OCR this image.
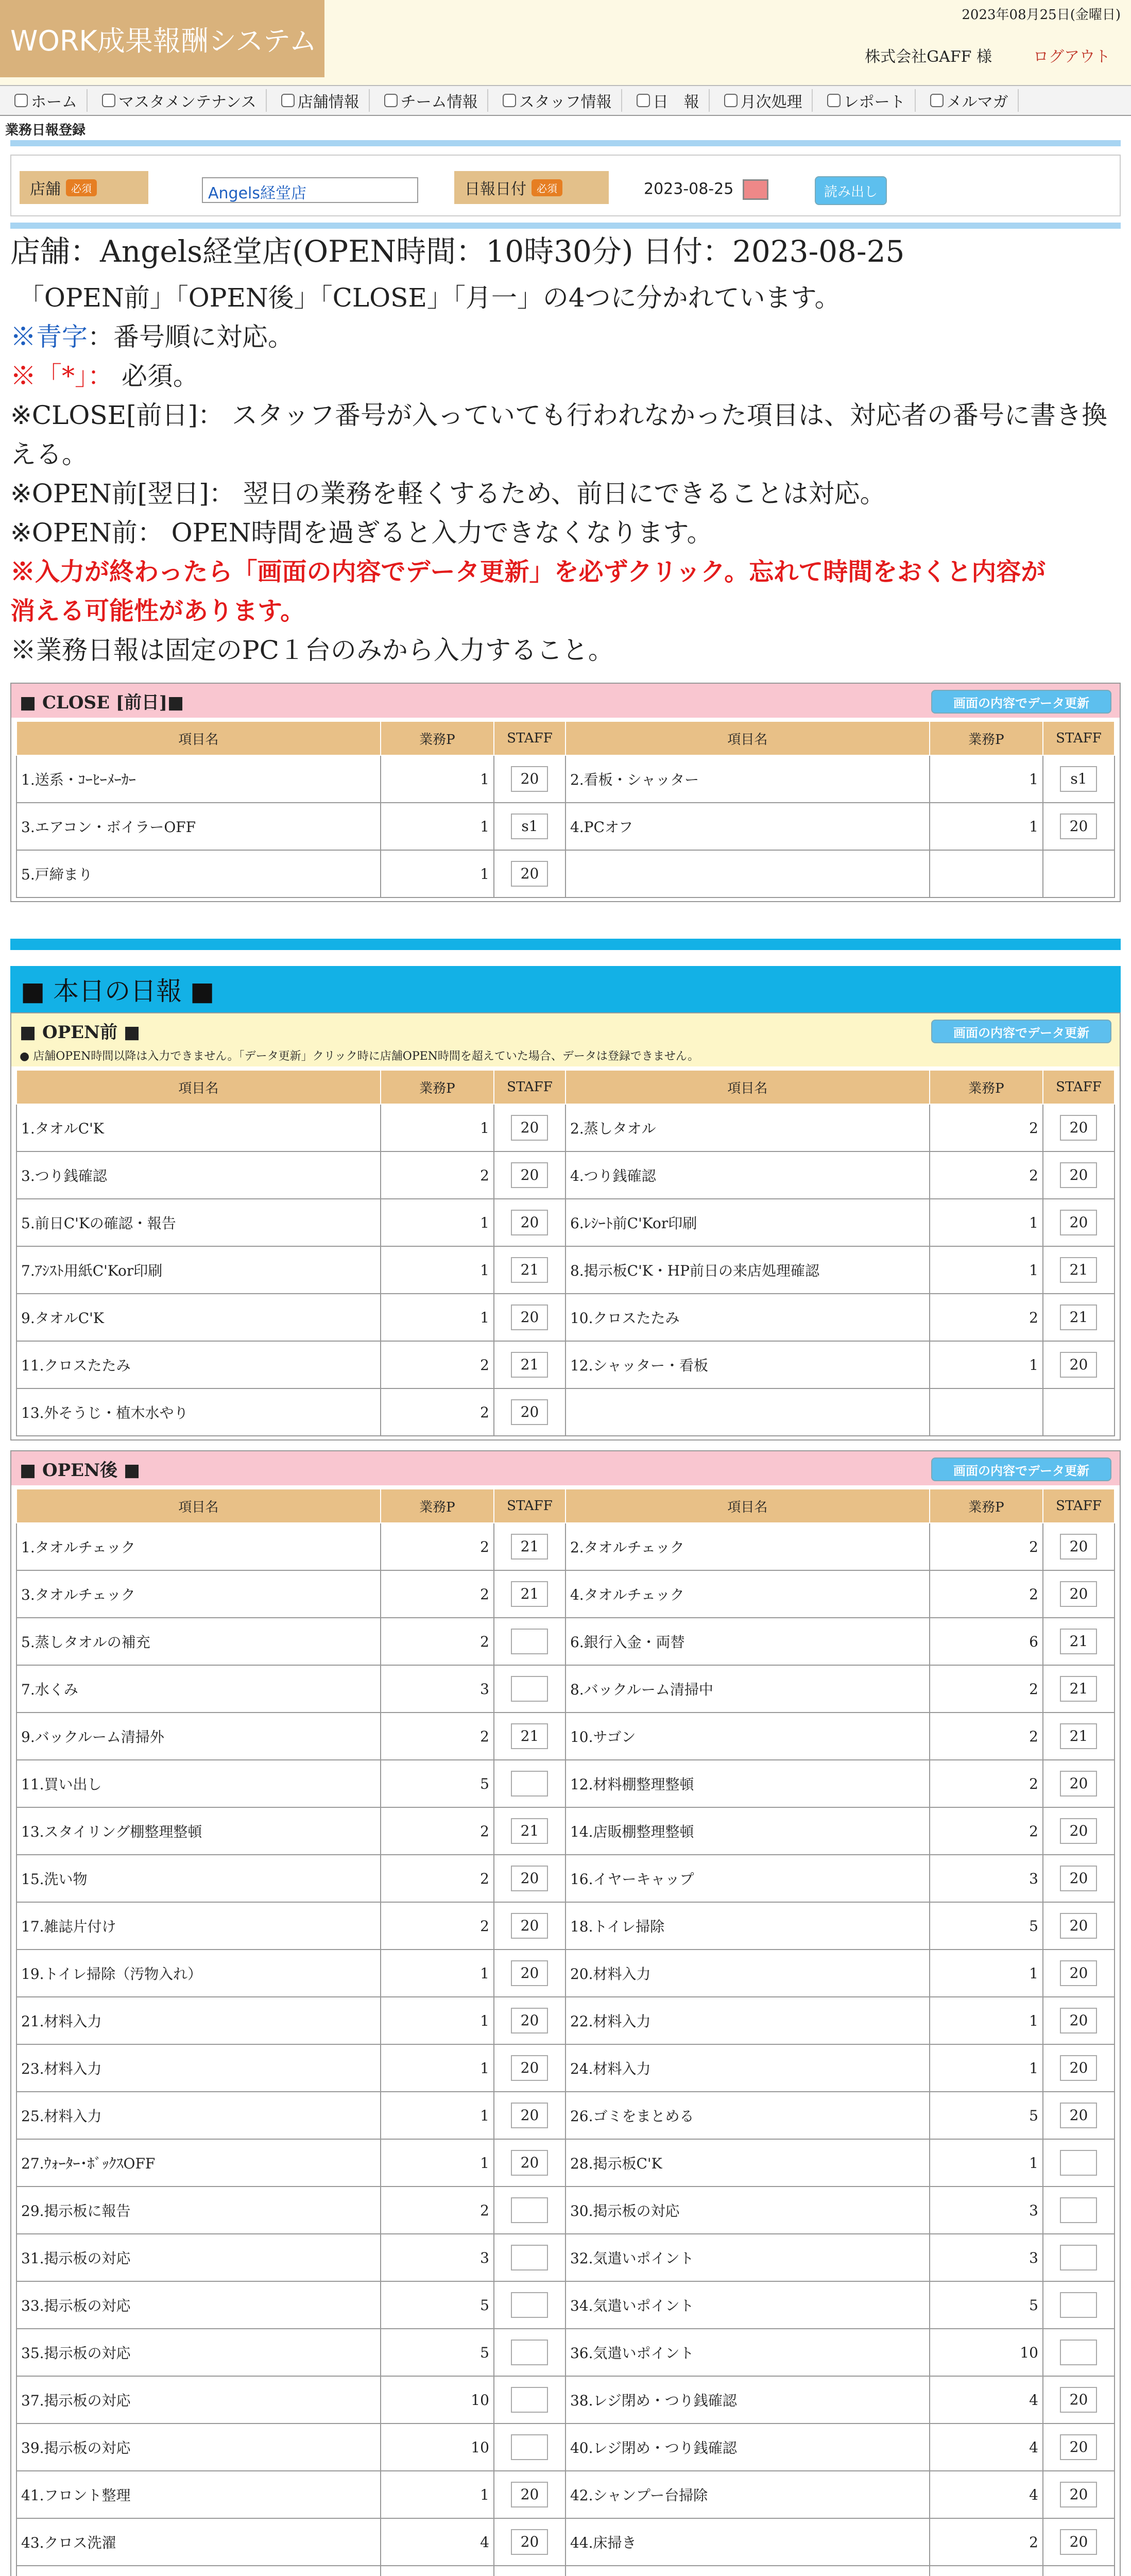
WORK成果報酬システム
2023年08月25日(金曜日)
株式会社GAFF 様	ログアウト
ホーム	マスタメンテナンス	店舗情報	チーム情報	スタッフ情報	日　報	月次処理	レポート	メルマガ
業務日報登録
店舗	必須	Angels経堂店	日報日付	必須	2023-08-25	読み出し
店舗：Angels経堂店(OPEN時間：10時30分) 日付：2023-08-25
「OPEN前」「OPEN後」「CLOSE」「月一」の4つに分かれています。
※青字：番号順に対応。
※「*」： 必須。
※CLOSE[前日]： スタッフ番号が入っていても行われなかった項目は、対応者の番号に書き換
える。
※OPEN前[翌日]： 翌日の業務を軽くするため、前日にできることは対応。
※OPEN前： OPEN時間を過ぎると入力できなくなります。
※入力が終わったら「画面の内容でデータ更新」を必ずクリック。忘れて時間をおくと内容が
消える可能性があります。
※業務日報は固定のPC１台のみから入力すること。
■ CLOSE [前日]■	画面の内容でデータ更新
項目名	業務P	STAFF	項目名	業務P	STAFF
1.送系・ｺｰﾋｰﾒｰｶｰ	1	20	2.看板・シャッター	1	s1

3.エアコン・ボイラーOFF	1	s1	4.PCオフ	1	20

5.戸締まり	1	20			

■ 本日の日報 ■
■ OPEN前 ■	画面の内容でデータ更新
● 店舗OPEN時間以降は入力できません。「データ更新」クリック時に店舗OPEN時間を超えていた場合、データは登録できません。
項目名	業務P	STAFF	項目名	業務P	STAFF
1.タオルC'K	1	20	2.蒸しタオル	2	20

3.つり銭確認	2	20	4.つり銭確認	2	20

5.前日C'Kの確認・報告	1	20	6.ﾚｼｰﾄ前C'Kor印刷	1	20

7.ｱｼｽﾄ用紙C'Kor印刷	1	21	8.掲示板C'K・HP前日の来店処理確認	1	21

9.タオルC'K	1	20	10.クロスたたみ	2	21

11.クロスたたみ	2	21	12.シャッター・看板	1	20

13.外そうじ・植木水やり	2	20			

■ OPEN後 ■	画面の内容でデータ更新
項目名	業務P	STAFF	項目名	業務P	STAFF
1.タオルチェック	2	21	2.タオルチェック	2	20

3.タオルチェック	2	21	4.タオルチェック	2	20

5.蒸しタオルの補充	2		6.銀行入金・両替	6	21

7.水くみ	3		8.バックルーム清掃中	2	21

9.バックルーム清掃外	2	21	10.サゴン	2	21

11.買い出し	5		12.材料棚整理整頓	2	20

13.スタイリング棚整理整頓	2	21	14.店販棚整理整頓	2	20

15.洗い物	2	20	16.イヤーキャップ	3	20

17.雑誌片付け	2	20	18.トイレ掃除	5	20

19.トイレ掃除（汚物入れ）	1	20	20.材料入力	1	20

21.材料入力	1	20	22.材料入力	1	20

23.材料入力	1	20	24.材料入力	1	20

25.材料入力	1	20	26.ゴミをまとめる	5	20

27.ｳｫｰﾀｰ･ﾎﾞｯｸｽOFF	1	20	28.掲示板C'K	1	

29.掲示板に報告	2		30.掲示板の対応	3	

31.掲示板の対応	3		32.気遣いポイント	3	

33.掲示板の対応	5		34.気遣いポイント	5	

35.掲示板の対応	5		36.気遣いポイント	10	

37.掲示板の対応	10		38.レジ閉め・つり銭確認	4	20

39.掲示板の対応	10		40.レジ閉め・つり銭確認	4	20

41.フロント整理	1	20	42.シャンプー台掃除	4	20

43.クロス洗濯	4	20	44.床掃き	2	20
